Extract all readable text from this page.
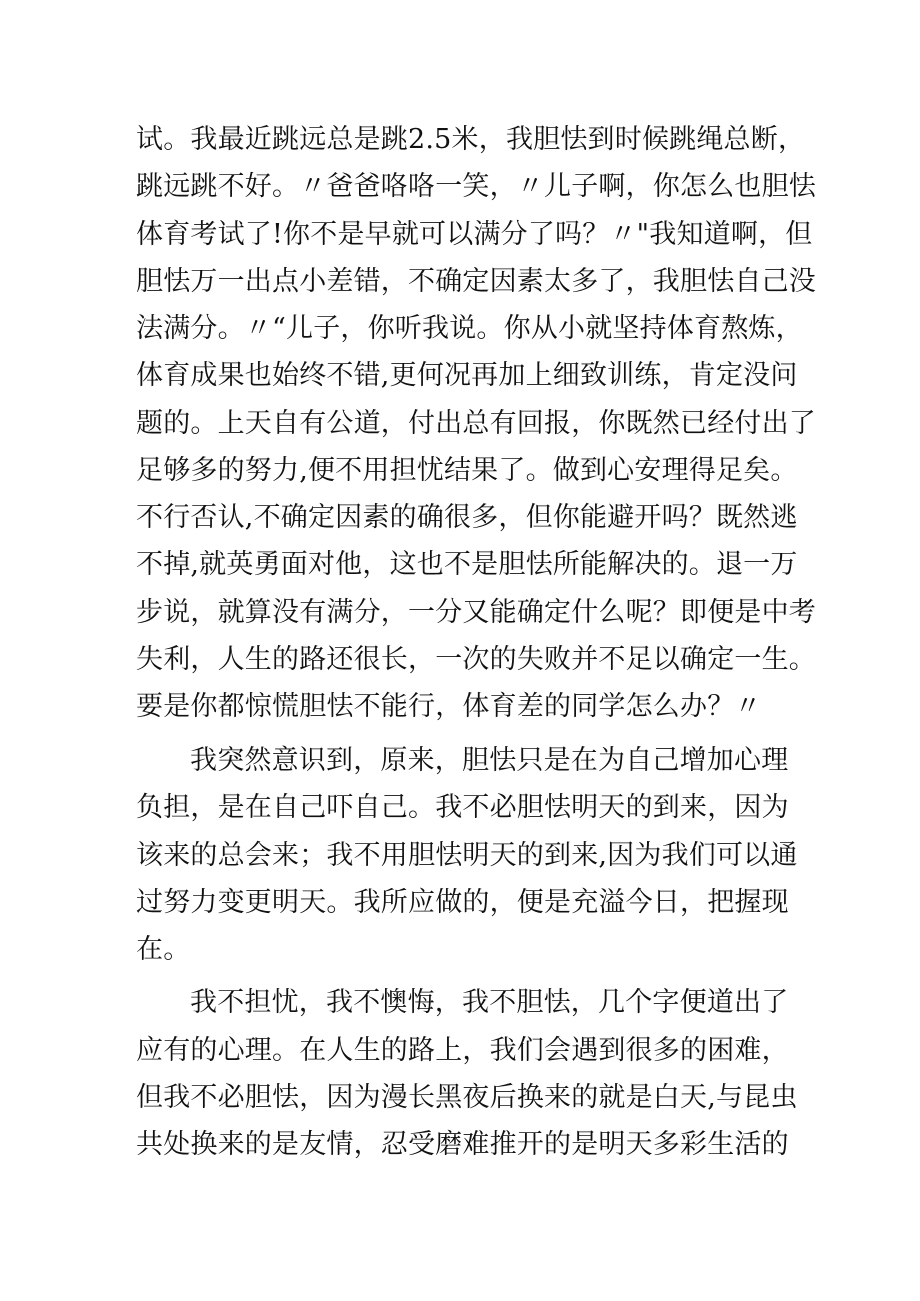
试。我最近跳远总是跳2.5米，我胆怯到时候跳绳总断，
跳远跳不好。〃爸爸咯咯一笑，〃儿子啊，你怎么也胆怯
体育考试了!你不是早就可以满分了吗？〃"我知道啊，但
胆怯万一出点小差错，不确定因素太多了，我胆怯自己没
法满分。〃“儿子，你听我说。你从小就坚持体育熬炼，
体育成果也始终不错,更何况再加上细致训练，肯定没问
题的。上天自有公道，付出总有回报，你既然已经付出了
足够多的努力,便不用担忧结果了。做到心安理得足矣。
不行否认,不确定因素的确很多，但你能避开吗？既然逃
不掉,就英勇面对他，这也不是胆怯所能解决的。退一万
步说，就算没有满分，一分又能确定什么呢？即便是中考
失利，人生的路还很长，一次的失败并不足以确定一生。
要是你都惊慌胆怯不能行，体育差的同学怎么办？〃
我突然意识到，原来，胆怯只是在为自己增加心理
负担，是在自己吓自己。我不必胆怯明天的到来，因为
该来的总会来；我不用胆怯明天的到来,因为我们可以通
过努力变更明天。我所应做的，便是充溢今日，把握现
在。
我不担忧，我不懊悔，我不胆怯，几个字便道出了
应有的心理。在人生的路上，我们会遇到很多的困难，
但我不必胆怯，因为漫长黑夜后换来的就是白天,与昆虫
共处换来的是友情，忍受磨难推开的是明天多彩生活的
